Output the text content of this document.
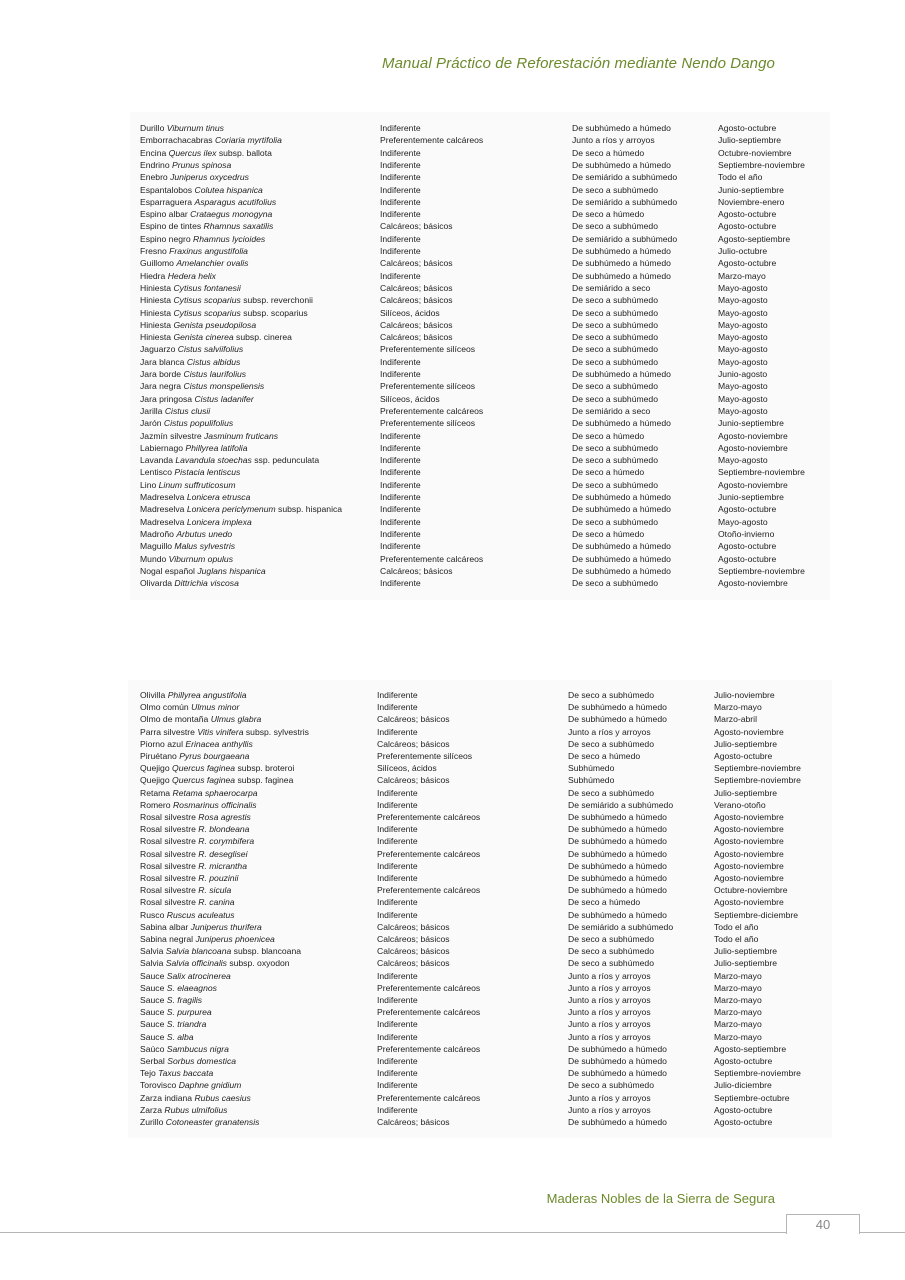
Manual Práctico de Reforestación mediante Nendo Dango
Durillo Viburnum tinus	Indiferente	De subhúmedo a húmedo	Agosto-octubre
Emborrachacabras Coriaria myrtifolia	Preferentemente calcáreos	Junto a ríos y arroyos	Julio-septiembre
Encina Quercus ilex subsp. ballota	Indiferente	De seco a húmedo	Octubre-noviembre
Endrino Prunus spinosa	Indiferente	De subhúmedo a húmedo	Septiembre-noviembre
Enebro Juniperus oxycedrus	Indiferente	De semiárido a subhúmedo	Todo el año
Espantalobos Colutea hispanica	Indiferente	De seco a subhúmedo	Junio-septiembre
Esparraguera Asparagus acutifolius	Indiferente	De semiárido a subhúmedo	Noviembre-enero
Espino albar Crataegus monogyna	Indiferente	De seco a húmedo	Agosto-octubre
Espino de tintes Rhamnus saxatilis	Calcáreos; básicos	De seco a subhúmedo	Agosto-octubre
Espino negro Rhamnus lycioides	Indiferente	De semiárido a subhúmedo	Agosto-septiembre
Fresno Fraxinus angustifolia	Indiferente	De subhúmedo a húmedo	Julio-octubre
Guillomo Amelanchier ovalis	Calcáreos; básicos	De subhúmedo a húmedo	Agosto-octubre
Hiedra Hedera helix	Indiferente	De subhúmedo a húmedo	Marzo-mayo
Hiniesta Cytisus fontanesii	Calcáreos; básicos	De semiárido a seco	Mayo-agosto
Hiniesta Cytisus scoparius subsp. reverchonii	Calcáreos; básicos	De seco a subhúmedo	Mayo-agosto
Hiniesta Cytisus scoparius subsp. scoparius	Silíceos, ácidos	De seco a subhúmedo	Mayo-agosto
Hiniesta Genista pseudopilosa	Calcáreos; básicos	De seco a subhúmedo	Mayo-agosto
Hiniesta Genista cinerea subsp. cinerea	Calcáreos; básicos	De seco a subhúmedo	Mayo-agosto
Jaguarzo Cistus salviifolius	Preferentemente silíceos	De seco a subhúmedo	Mayo-agosto
Jara blanca Cistus albidus	Indiferente	De seco a subhúmedo	Mayo-agosto
Jara borde Cistus laurifolius	Indiferente	De subhúmedo a húmedo	Junio-agosto
Jara negra Cistus monspeliensis	Preferentemente silíceos	De seco a subhúmedo	Mayo-agosto
Jara pringosa Cistus ladanifer	Silíceos, ácidos	De seco a subhúmedo	Mayo-agosto
Jarilla Cistus clusii	Preferentemente calcáreos	De semiárido a seco	Mayo-agosto
Jarón Cistus populifolius	Preferentemente silíceos	De subhúmedo a húmedo	Junio-septiembre
Jazmín silvestre Jasminum fruticans	Indiferente	De seco a húmedo	Agosto-noviembre
Labiernago Phillyrea latifolia	Indiferente	De seco a subhúmedo	Agosto-noviembre
Lavanda Lavandula stoechas ssp. pedunculata	Indiferente	De seco a subhúmedo	Mayo-agosto
Lentisco Pistacia lentiscus	Indiferente	De seco a húmedo	Septiembre-noviembre
Lino Linum suffruticosum	Indiferente	De seco a subhúmedo	Agosto-noviembre
Madreselva Lonicera etrusca	Indiferente	De subhúmedo a húmedo	Junio-septiembre
Madreselva Lonicera periclymenum subsp. hispanica	Indiferente	De subhúmedo a húmedo	Agosto-octubre
Madreselva Lonicera implexa	Indiferente	De seco a subhúmedo	Mayo-agosto
Madroño Arbutus unedo	Indiferente	De seco a húmedo	Otoño-invierno
Maguillo Malus sylvestris	Indiferente	De subhúmedo a húmedo	Agosto-octubre
Mundo Viburnum opulus	Preferentemente calcáreos	De subhúmedo a húmedo	Agosto-octubre
Nogal español Juglans hispanica	Calcáreos; básicos	De subhúmedo a húmedo	Septiembre-noviembre
Olivarda Dittrichia viscosa	Indiferente	De seco a subhúmedo	Agosto-noviembre
Olivilla Phillyrea angustifolia	Indiferente	De seco a subhúmedo	Julio-noviembre
Olmo común Ulmus minor	Indiferente	De subhúmedo a húmedo	Marzo-mayo
Olmo de montaña Ulmus glabra	Calcáreos; básicos	De subhúmedo a húmedo	Marzo-abril
Parra silvestre Vitis vinifera subsp. sylvestris	Indiferente	Junto a ríos y arroyos	Agosto-noviembre
Piorno azul Erinacea anthyllis	Calcáreos; básicos	De seco a subhúmedo	Julio-septiembre
Piruétano Pyrus bourgaeana	Preferentemente silíceos	De seco a húmedo	Agosto-octubre
Quejigo Quercus faginea subsp. broteroi	Silíceos, ácidos	Subhúmedo	Septiembre-noviembre
Quejigo Quercus faginea subsp. faginea	Calcáreos; básicos	Subhúmedo	Septiembre-noviembre
Retama Retama sphaerocarpa	Indiferente	De seco a subhúmedo	Julio-septiembre
Romero Rosmarinus officinalis	Indiferente	De semiárido a subhúmedo	Verano-otoño
Rosal silvestre Rosa agrestis	Preferentemente calcáreos	De subhúmedo a húmedo	Agosto-noviembre
Rosal silvestre R. blondeana	Indiferente	De subhúmedo a húmedo	Agosto-noviembre
Rosal silvestre R. corymbifera	Indiferente	De subhúmedo a húmedo	Agosto-noviembre
Rosal silvestre R. deseglisei	Preferentemente calcáreos	De subhúmedo a húmedo	Agosto-noviembre
Rosal silvestre R. micrantha	Indiferente	De subhúmedo a húmedo	Agosto-noviembre
Rosal silvestre R. pouzinii	Indiferente	De subhúmedo a húmedo	Agosto-noviembre
Rosal silvestre R. sicula	Preferentemente calcáreos	De subhúmedo a húmedo	Octubre-noviembre
Rosal silvestre R. canina	Indiferente	De seco a húmedo	Agosto-noviembre
Rusco Ruscus aculeatus	Indiferente	De subhúmedo a húmedo	Septiembre-diciembre
Sabina albar Juniperus thurifera	Calcáreos; básicos	De semiárido a subhúmedo	Todo el año
Sabina negral Juniperus phoenicea	Calcáreos; básicos	De seco a subhúmedo	Todo el año
Salvia Salvia blancoana subsp. blancoana	Calcáreos; básicos	De seco a subhúmedo	Julio-septiembre
Salvia Salvia officinalis subsp. oxyodon	Calcáreos; básicos	De seco a subhúmedo	Julio-septiembre
Sauce Salix atrocinerea	Indiferente	Junto a ríos y arroyos	Marzo-mayo
Sauce S. elaeagnos	Preferentemente calcáreos	Junto a ríos y arroyos	Marzo-mayo
Sauce S. fragilis	Indiferente	Junto a ríos y arroyos	Marzo-mayo
Sauce S. purpurea	Preferentemente calcáreos	Junto a ríos y arroyos	Marzo-mayo
Sauce S. triandra	Indiferente	Junto a ríos y arroyos	Marzo-mayo
Sauce S. alba	Indiferente	Junto a ríos y arroyos	Marzo-mayo
Saúco Sambucus nigra	Preferentemente calcáreos	De subhúmedo a húmedo	Agosto-septiembre
Serbal Sorbus domestica	Indiferente	De subhúmedo a húmedo	Agosto-octubre
Tejo Taxus baccata	Indiferente	De subhúmedo a húmedo	Septiembre-noviembre
Torovisco Daphne gnidium	Indiferente	De seco a subhúmedo	Julio-diciembre
Zarza indiana Rubus caesius	Preferentemente calcáreos	Junto a ríos y arroyos	Septiembre-octubre
Zarza Rubus ulmifolius	Indiferente	Junto a ríos y arroyos	Agosto-octubre
Zurillo Cotoneaster granatensis	Calcáreos; básicos	De subhúmedo a húmedo	Agosto-octubre
Maderas Nobles de la Sierra de Segura
40
